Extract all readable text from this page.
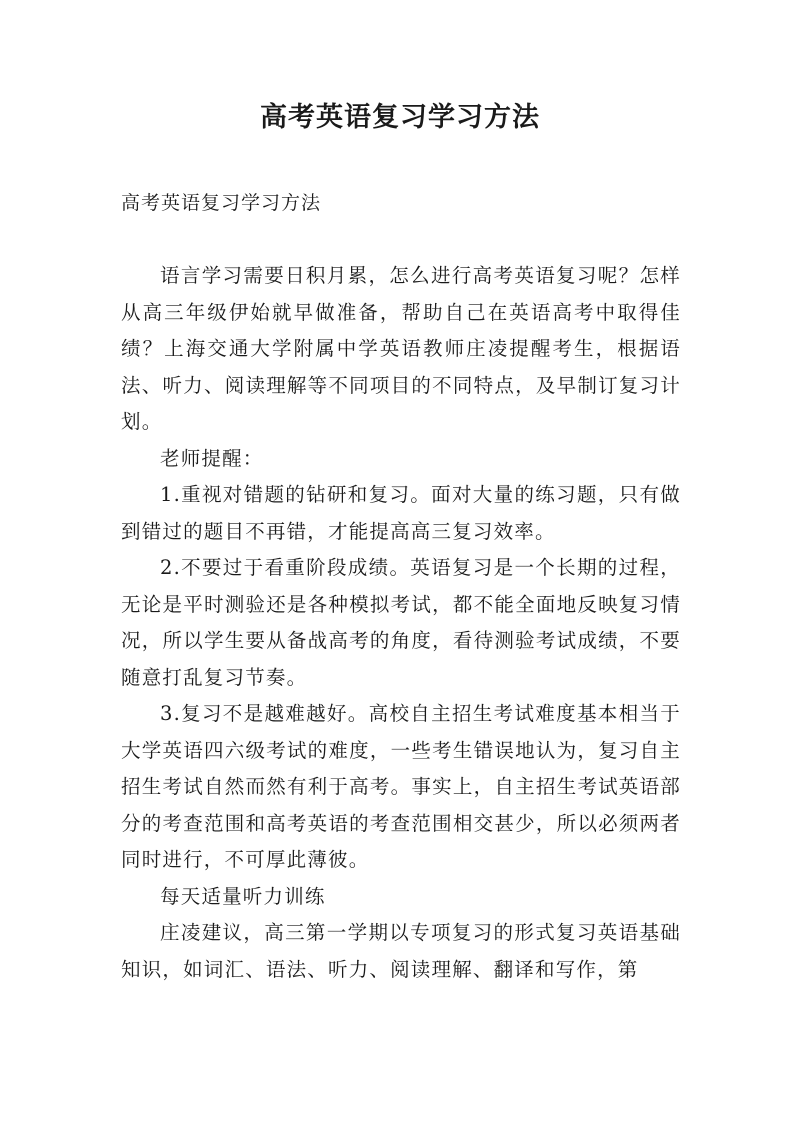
高考英语复习学习方法
高考英语复习学习方法

语言学习需要日积月累，怎么进行高考英语复习呢？怎样从高三年级伊始就早做准备，帮助自己在英语高考中取得佳绩？上海交通大学附属中学英语教师庄凌提醒考生，根据语法、听力、阅读理解等不同项目的不同特点，及早制订复习计划。

老师提醒：

1.重视对错题的钻研和复习。面对大量的练习题，只有做到错过的题目不再错，才能提高高三复习效率。

2.不要过于看重阶段成绩。英语复习是一个长期的过程，无论是平时测验还是各种模拟考试，都不能全面地反映复习情况，所以学生要从备战高考的角度，看待测验考试成绩，不要随意打乱复习节奏。

3.复习不是越难越好。高校自主招生考试难度基本相当于大学英语四六级考试的难度，一些考生错误地认为，复习自主招生考试自然而然有利于高考。事实上，自主招生考试英语部分的考查范围和高考英语的考查范围相交甚少，所以必须两者同时进行，不可厚此薄彼。

每天适量听力训练

庄凌建议，高三第一学期以专项复习的形式复习英语基础知识，如词汇、语法、听力、阅读理解、翻译和写作，第
